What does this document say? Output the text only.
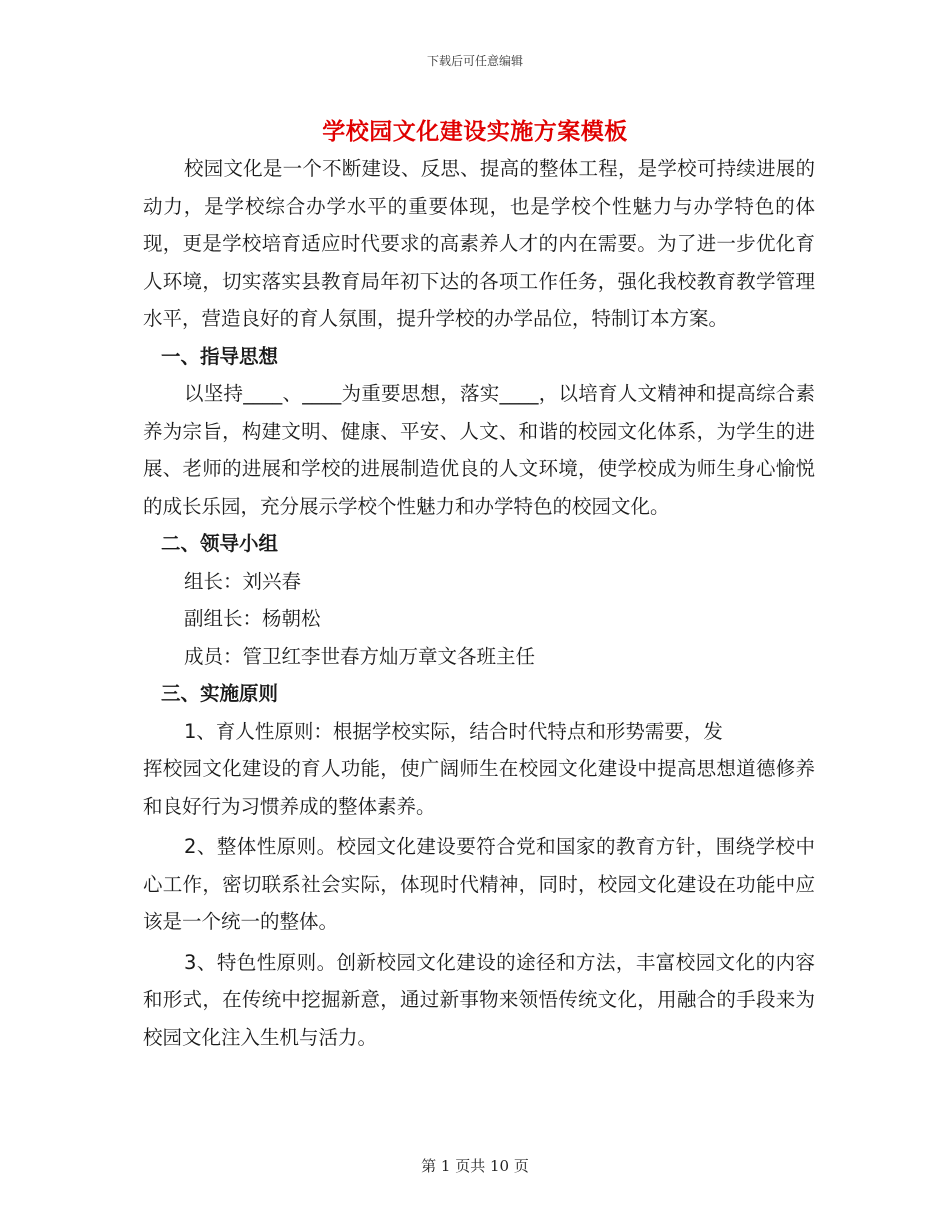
下载后可任意编辑
学校园文化建设实施方案模板

校园文化是一个不断建设、反思、提高的整体工程，是学校可持续进展的动力，是学校综合办学水平的重要体现，也是学校个性魅力与办学特色的体现，更是学校培育适应时代要求的高素养人才的内在需要。为了进一步优化育人环境，切实落实县教育局年初下达的各项工作任务，强化我校教育教学管理水平，营造良好的育人氛围，提升学校的办学品位，特制订本方案。

一、指导思想

以坚持____、____为重要思想，落实____，以培育人文精神和提高综合素养为宗旨，构建文明、健康、平安、人文、和谐的校园文化体系，为学生的进展、老师的进展和学校的进展制造优良的人文环境，使学校成为师生身心愉悦的成长乐园，充分展示学校个性魅力和办学特色的校园文化。

二、领导小组

组长：刘兴春

副组长：杨朝松

成员：管卫红李世春方灿万章文各班主任

三、实施原则

1、育人性原则：根据学校实际，结合时代特点和形势需要，发

挥校园文化建设的育人功能，使广阔师生在校园文化建设中提高思想道德修养和良好行为习惯养成的整体素养。

2、整体性原则。校园文化建设要符合党和国家的教育方针，围绕学校中心工作，密切联系社会实际，体现时代精神，同时，校园文化建设在功能中应该是一个统一的整体。

3、特色性原则。创新校园文化建设的途径和方法，丰富校园文化的内容和形式，在传统中挖掘新意，通过新事物来领悟传统文化，用融合的手段来为校园文化注入生机与活力。

第 1 页共 10 页
